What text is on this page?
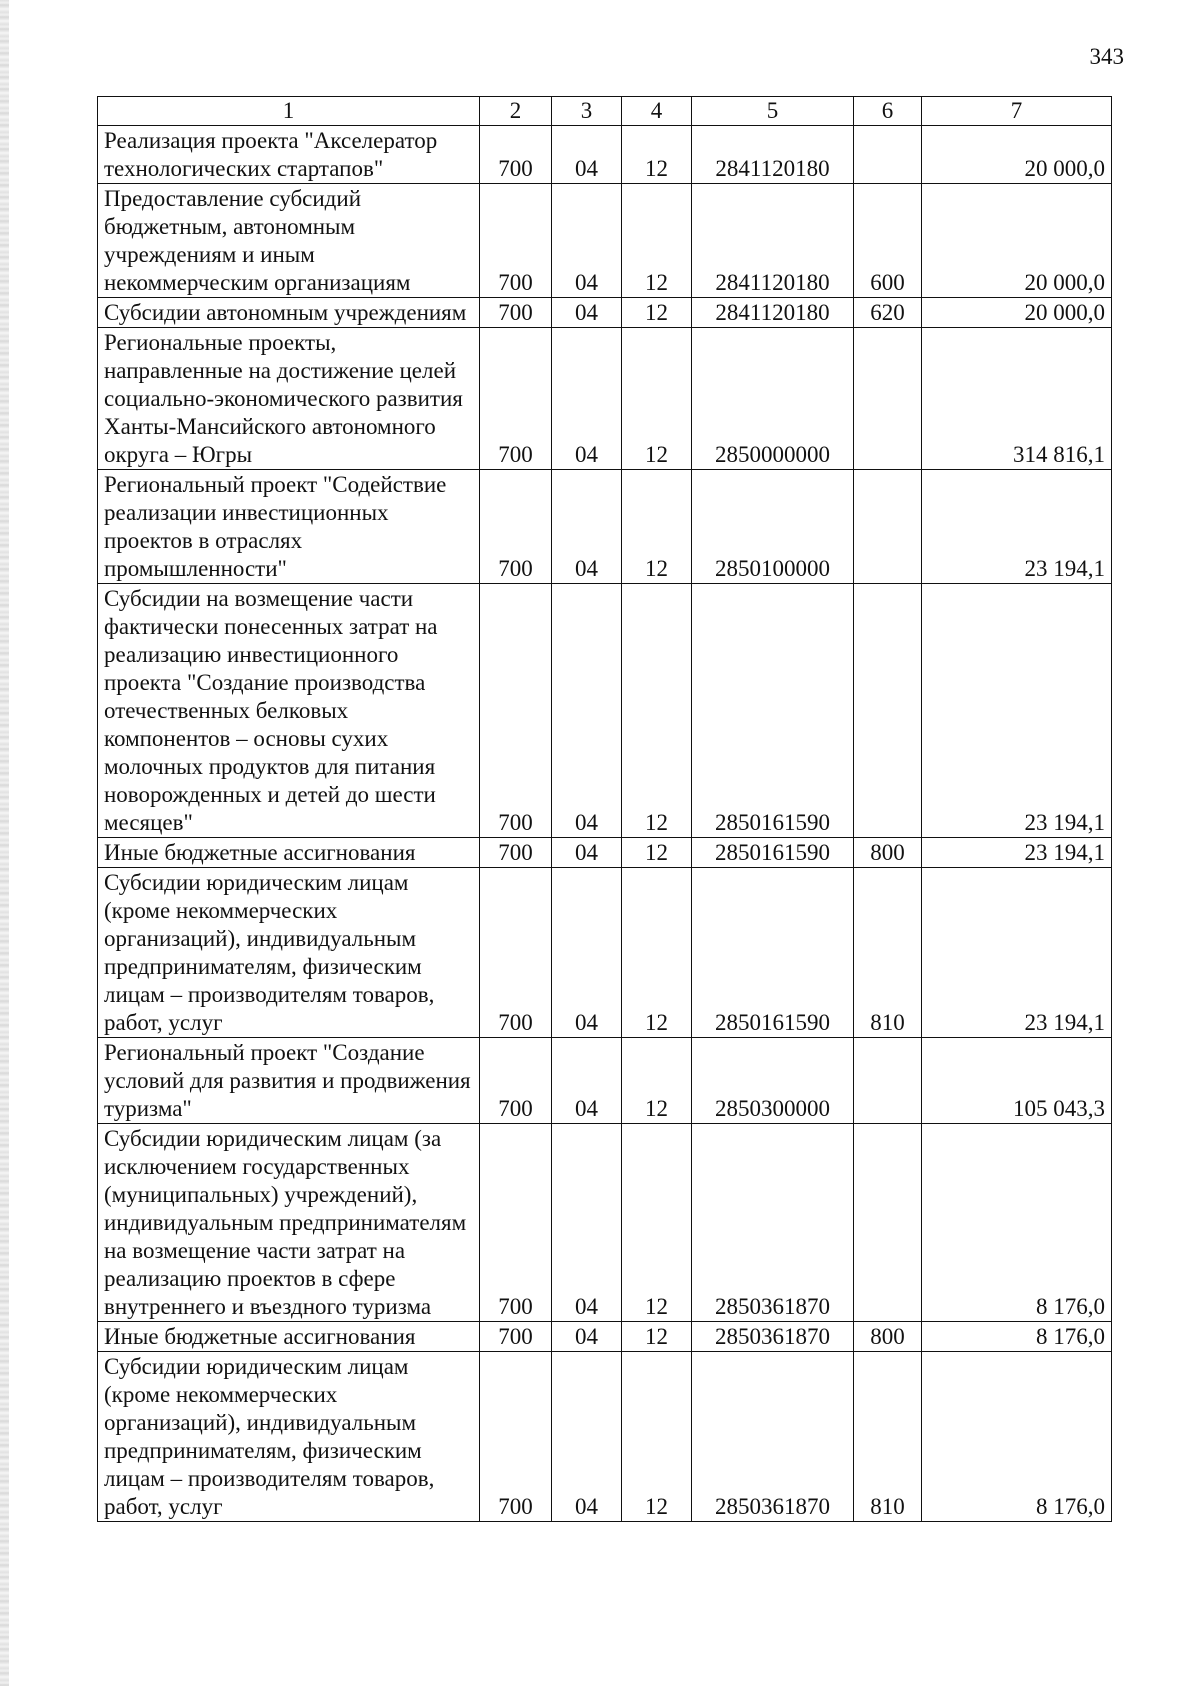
343
1	2	3	4	5	6	7
Реализация проекта "Акселератор технологических стартапов"	700	04	12	2841120180		20 000,0
Предоставление субсидий бюджетным, автономным учреждениям и иным некоммерческим организациям	700	04	12	2841120180	600	20 000,0
Субсидии автономным учреждениям	700	04	12	2841120180	620	20 000,0
Региональные проекты, направленные на достижение целей социально-экономического развития Ханты-Мансийского автономного округа – Югры	700	04	12	2850000000		314 816,1
Региональный проект "Содействие реализации инвестиционных проектов в отраслях промышленности"	700	04	12	2850100000		23 194,1
Субсидии на возмещение части фактически понесенных затрат на реализацию инвестиционного проекта "Создание производства отечественных белковых компонентов – основы сухих молочных продуктов для питания новорожденных и детей до шести месяцев"	700	04	12	2850161590		23 194,1
Иные бюджетные ассигнования	700	04	12	2850161590	800	23 194,1
Субсидии юридическим лицам (кроме некоммерческих организаций), индивидуальным предпринимателям, физическим лицам – производителям товаров, работ, услуг	700	04	12	2850161590	810	23 194,1
Региональный проект "Создание условий для развития и продвижения туризма"	700	04	12	2850300000		105 043,3
Субсидии юридическим лицам (за исключением государственных (муниципальных) учреждений), индивидуальным предпринимателям на возмещение части затрат на реализацию проектов в сфере внутреннего и въездного туризма	700	04	12	2850361870		8 176,0
Иные бюджетные ассигнования	700	04	12	2850361870	800	8 176,0
Субсидии юридическим лицам (кроме некоммерческих организаций), индивидуальным предпринимателям, физическим лицам – производителям товаров, работ, услуг	700	04	12	2850361870	810	8 176,0
